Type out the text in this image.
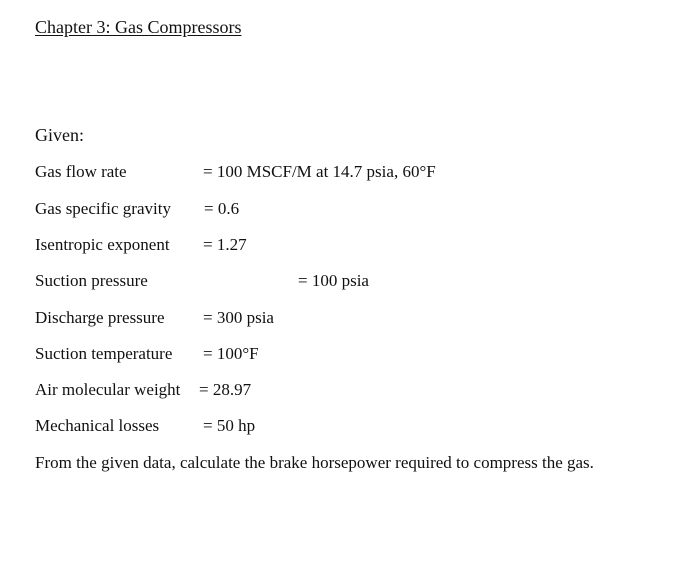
Chapter 3: Gas Compressors
Given:
Gas flow rate	= 100 MSCF/M at 14.7 psia, 60°F
Gas specific gravity = 0.6
Isentropic exponent = 1.27
Suction pressure	= 100 psia
Discharge pressure = 300 psia
Suction temperature = 100°F
Air molecular weight = 28.97
Mechanical losses	= 50 hp
From the given data, calculate the brake horsepower required to compress the gas.
